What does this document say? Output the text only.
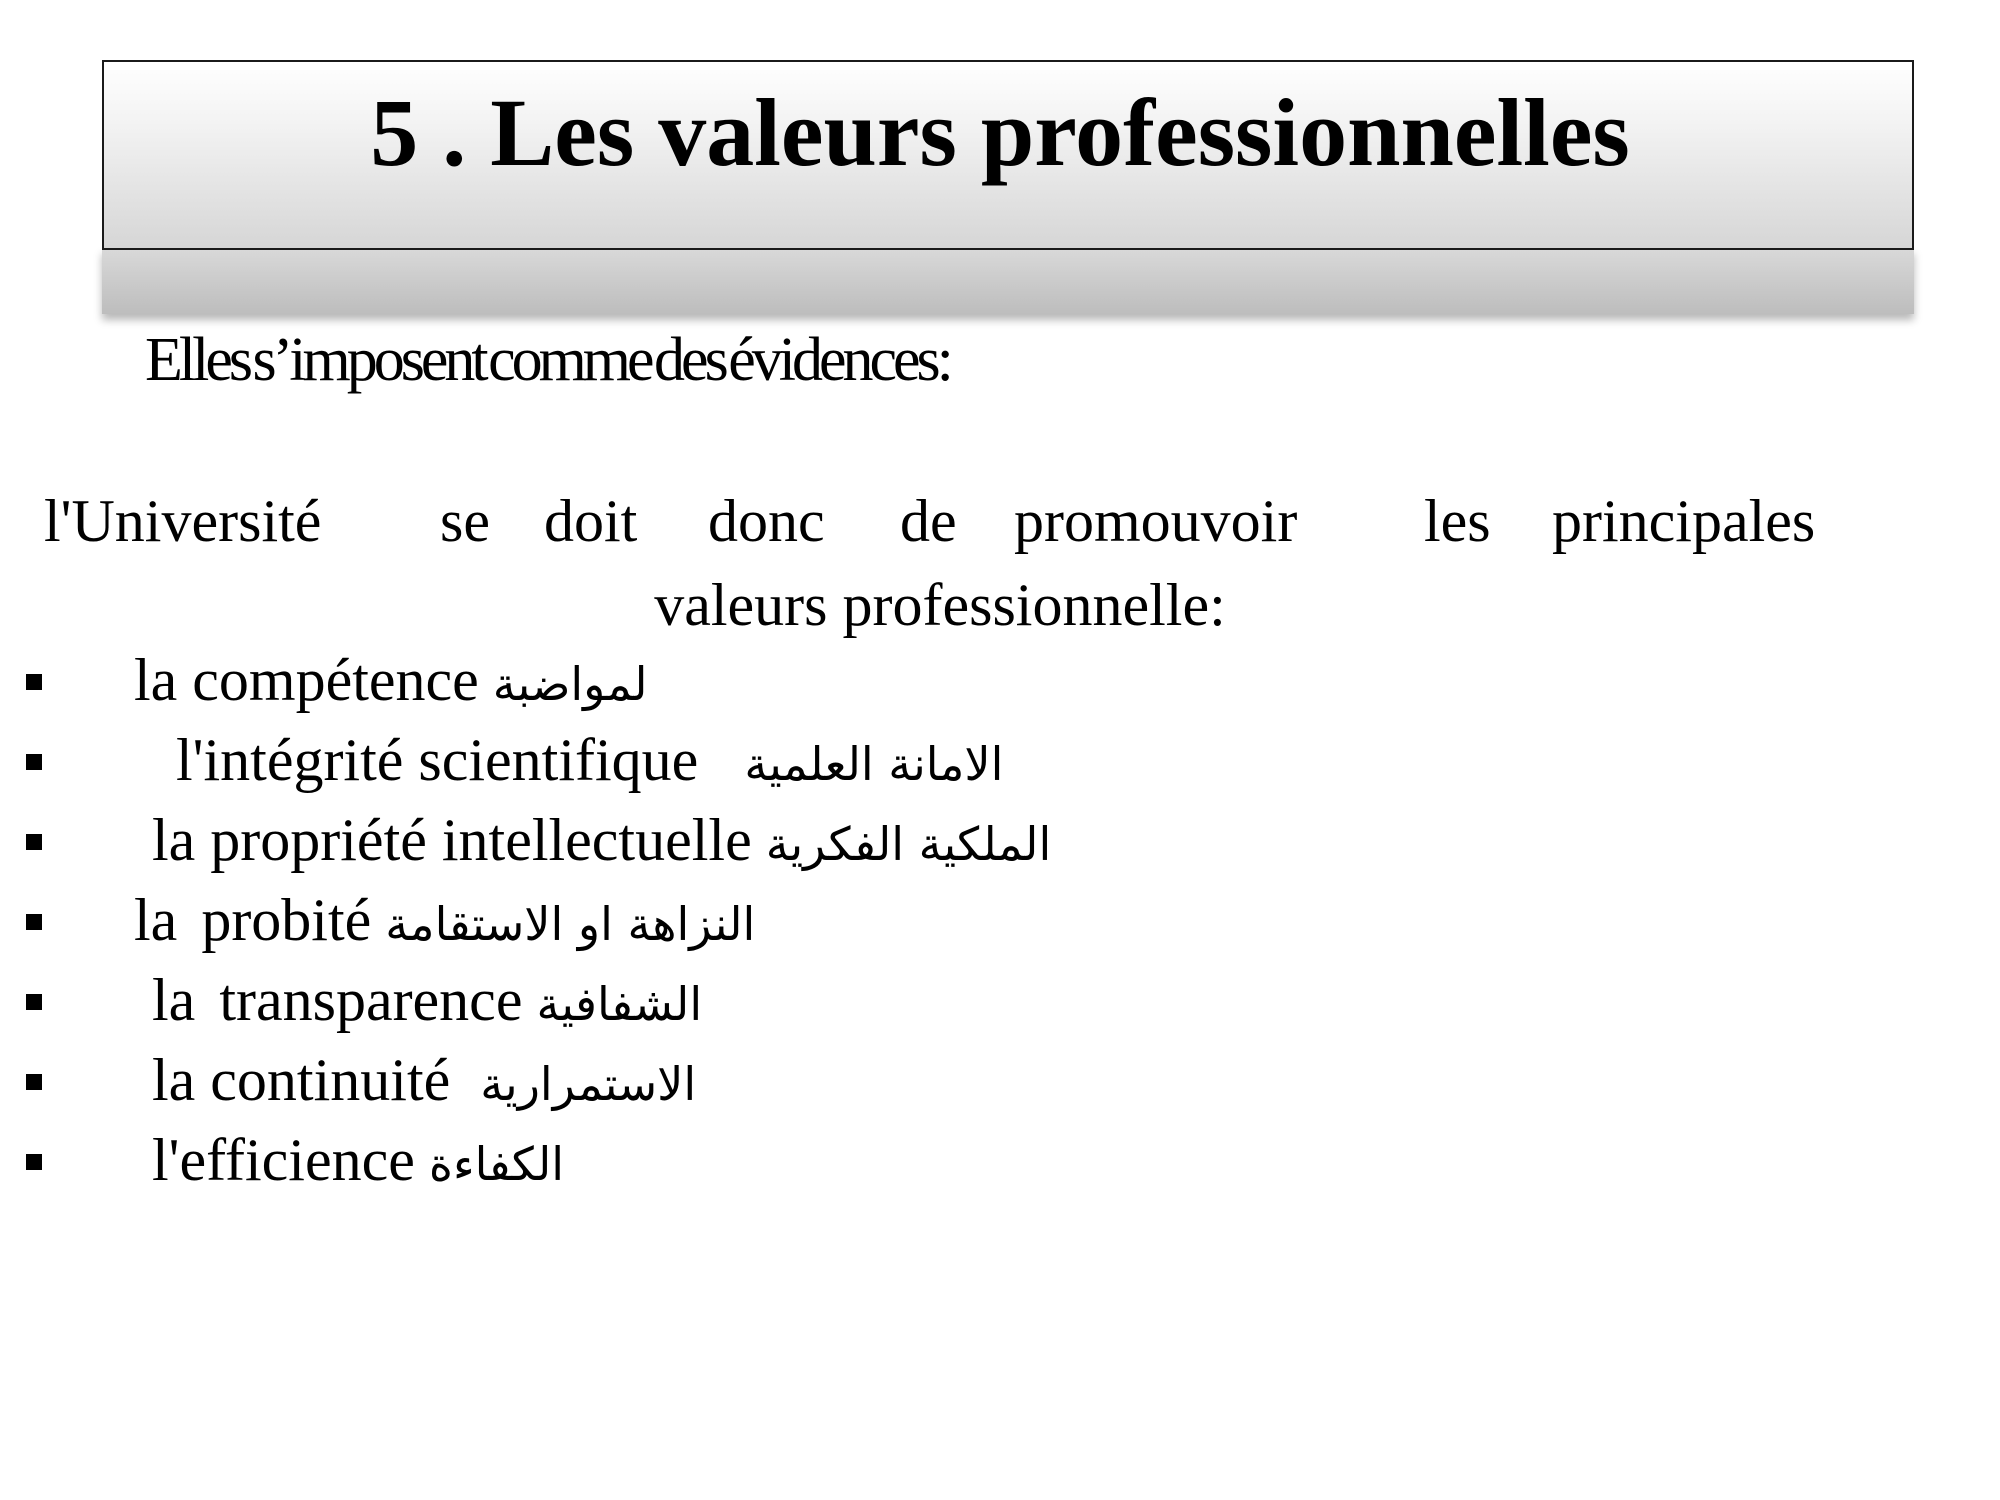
5 . Les valeurs professionnelles
Elles s’imposent comme des évidences:
l'Université se doit donc de promouvoir les principales
valeurs professionnelle:
la compétence لمواضبة
l'intégrité scientifique الامانة العلمية
la propriété intellectuelle الملكية الفكرية
la probité النزاهة او الاستقامة
la transparence الشفافية
la continuité الاستمرارية
l'efficience الكفاءة
